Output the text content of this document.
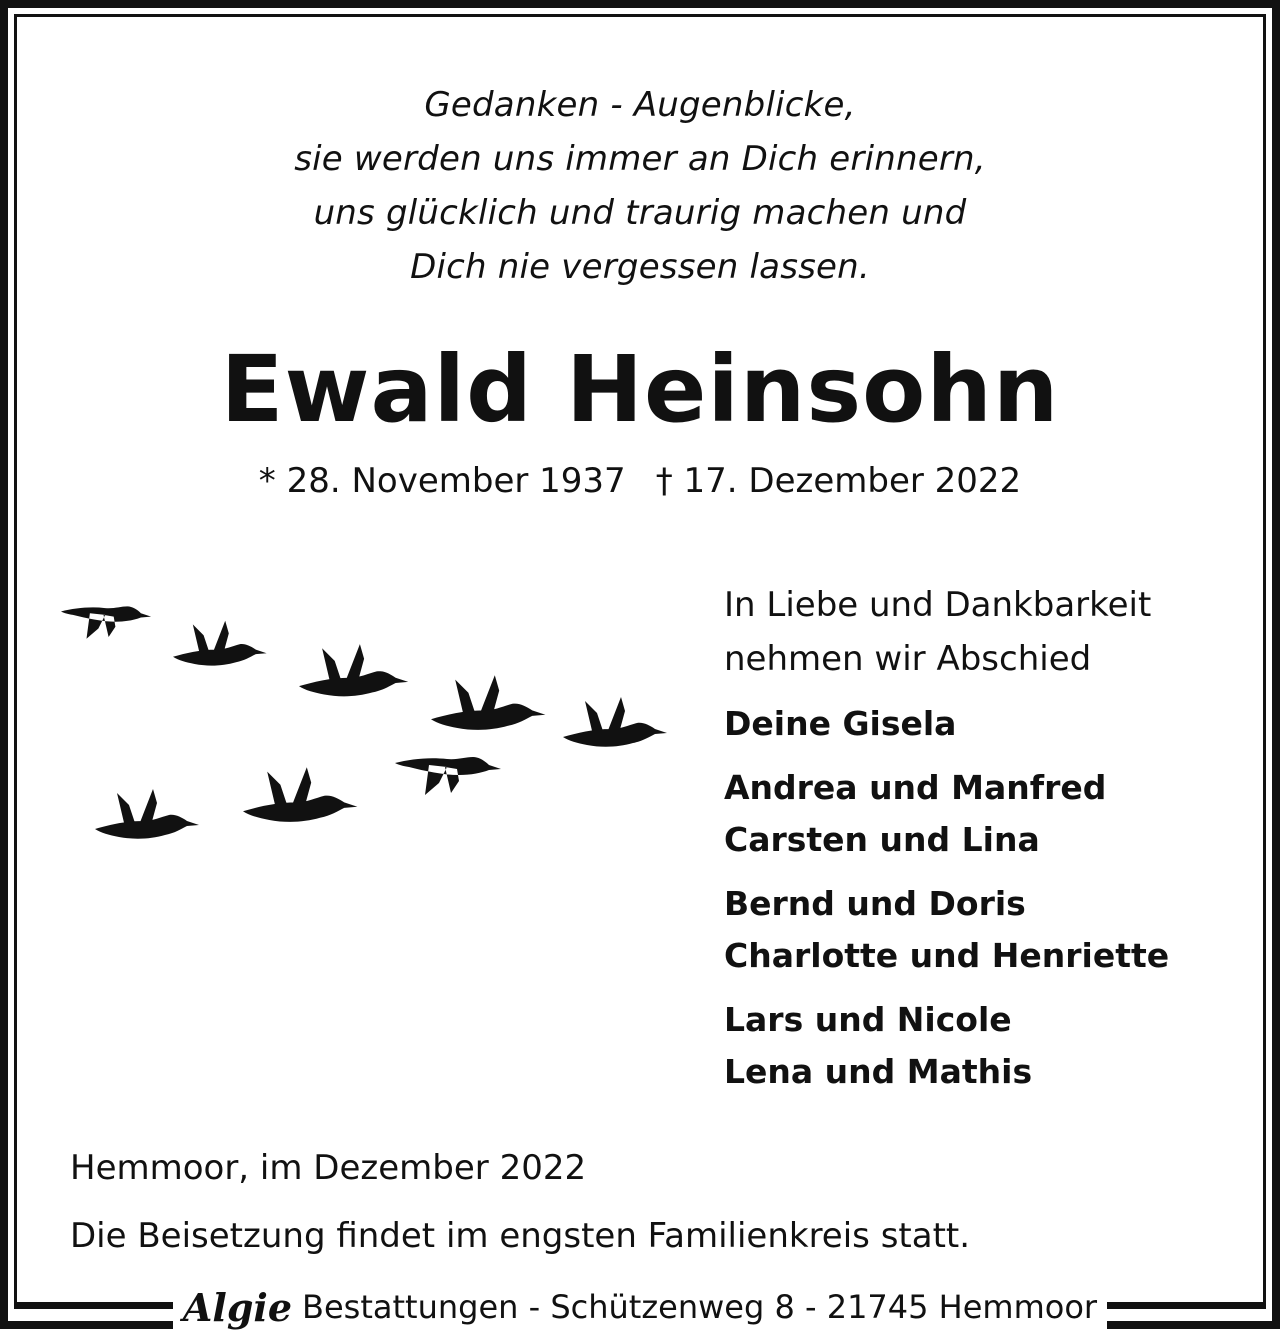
Gedanken - Augenblicke,
sie werden uns immer an Dich erinnern,
uns glücklich und traurig machen und
Dich nie vergessen lassen.
Ewald Heinsohn
* 28. November 1937 † 17. Dezember 2022
In Liebe und Dankbarkeit
nehmen wir Abschied
Deine Gisela
Andrea und Manfred
Carsten und Lina
Bernd und Doris
Charlotte und Henriette
Lars und Nicole
Lena und Mathis
Hemmoor, im Dezember 2022
Die Beisetzung findet im engsten Familienkreis statt.
Algie Bestattungen - Schützenweg 8 - 21745 Hemmoor
